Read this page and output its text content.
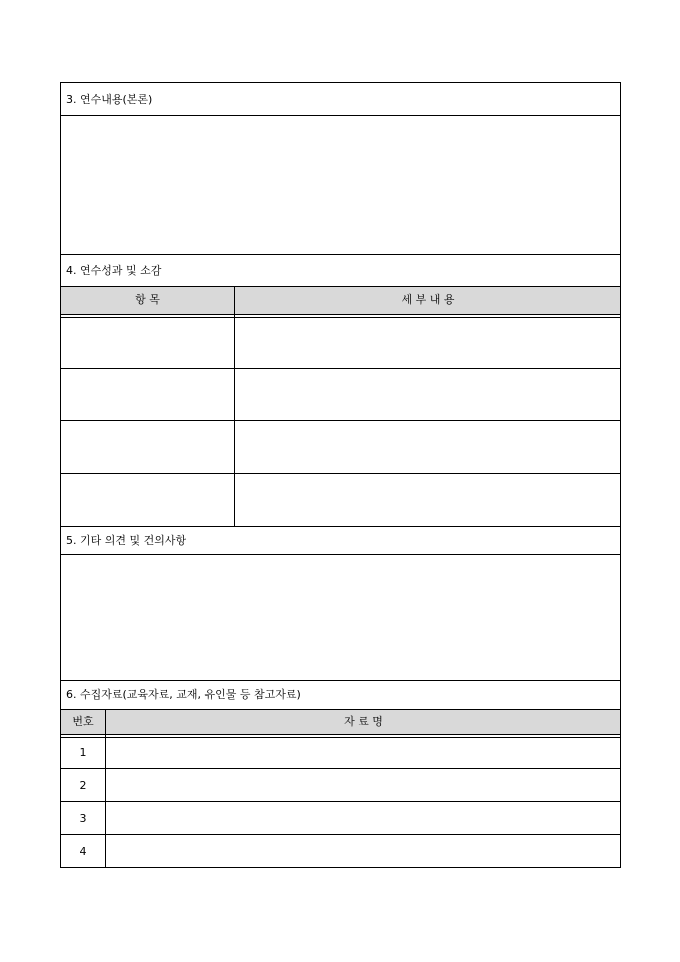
3. 연수내용(본론)
4. 연수성과 및 소감
항 목	세 부 내 용
5. 기타 의견 및 건의사항
6. 수집자료(교육자료, 교재, 유인물 등 참고자료)
번호	자 료 명
1
2
3
4
